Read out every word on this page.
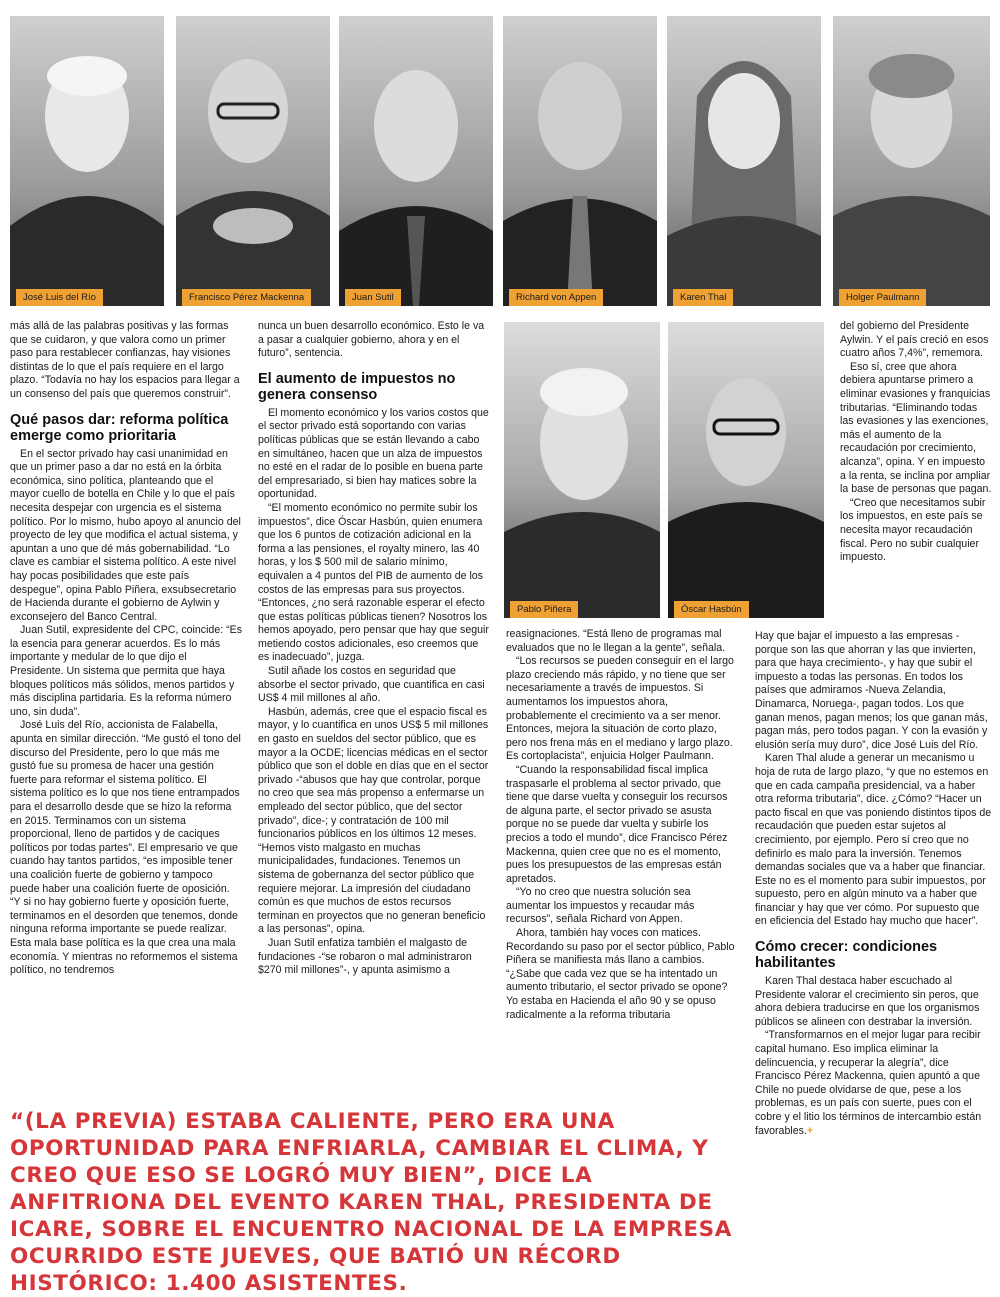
José Luis del Río	Francisco Pérez Mackenna	Juan Sutil	Richard von Appen	Karen Thal	Holger Paulmann

más allá de las palabras positivas y las formas que se cuidaron, y que valora como un primer paso para restablecer confianzas, hay visiones distintas de lo que el país requiere en el largo plazo. “Todavía no hay los espacios para llegar a un consenso del país que queremos construir”.

Qué pasos dar: reforma política emerge como prioritaria

En el sector privado hay casi unanimidad en que un primer paso a dar no está en la órbita económica, sino política, planteando que el mayor cuello de botella en Chile y lo que el país necesita despejar con urgencia es el sistema político. Por lo mismo, hubo apoyo al anuncio del proyecto de ley que modifica el actual sistema, y apuntan a uno que dé más gobernabilidad. “Lo clave es cambiar el sistema político. A este nivel hay pocas posibilidades que este país despegue”, opina Pablo Piñera, exsubsecretario de Hacienda durante el gobierno de Aylwin y exconsejero del Banco Central.

Juan Sutil, expresidente del CPC, coincide: “Es la esencia para generar acuerdos. Es lo más importante y medular de lo que dijo el Presidente. Un sistema que permita que haya bloques políticos más sólidos, menos partidos y más disciplina partidaria. Es la reforma número uno, sin duda”.

José Luis del Río, accionista de Falabella, apunta en similar dirección. “Me gustó el tono del discurso del Presidente, pero lo que más me gustó fue su promesa de hacer una gestión fuerte para reformar el sistema político. El sistema político es lo que nos tiene entrampados para el desarrollo desde que se hizo la reforma en 2015. Terminamos con un sistema proporcional, lleno de partidos y de caciques políticos por todas partes”. El empresario ve que cuando hay tantos partidos, “es imposible tener una coalición fuerte de gobierno y tampoco puede haber una coalición fuerte de oposición. “Y si no hay gobierno fuerte y oposición fuerte, terminamos en el desorden que tenemos, donde ninguna reforma importante se puede realizar. Esta mala base política es la que crea una mala economía. Y mientras no reformemos el sistema político, no tendremos

nunca un buen desarrollo económico. Esto le va a pasar a cualquier gobierno, ahora y en el futuro”, sentencia.

El aumento de impuestos no genera consenso

El momento económico y los varios costos que el sector privado está soportando con varias políticas públicas que se están llevando a cabo en simultáneo, hacen que un alza de impuestos no esté en el radar de lo posible en buena parte del empresariado, si bien hay matices sobre la oportunidad.

“El momento económico no permite subir los impuestos”, dice Óscar Hasbún, quien enumera que los 6 puntos de cotización adicional en la forma a las pensiones, el royalty minero, las 40 horas, y los $ 500 mil de salario mínimo, equivalen a 4 puntos del PIB de aumento de los costos de las empresas para sus proyectos. “Entonces, ¿no será razonable esperar el efecto que estas políticas públicas tienen? Nosotros los hemos apoyado, pero pensar que hay que seguir metiendo costos adicionales, eso creemos que es inadecuado”, juzga.

Sutil añade los costos en seguridad que absorbe el sector privado, que cuantifica en casi US$ 4 mil millones al año.

Hasbún, además, cree que el espacio fiscal es mayor, y lo cuantifica en unos US$ 5 mil millones en gasto en sueldos del sector público, que es mayor a la OCDE; licencias médicas en el sector público que son el doble en días que en el sector privado -“abusos que hay que controlar, porque no creo que sea más propenso a enfermarse un empleado del sector público, que del sector privado”, dice-; y contratación de 100 mil funcionarios públicos en los últimos 12 meses. “Hemos visto malgasto en muchas municipalidades, fundaciones. Tenemos un sistema de gobernanza del sector público que requiere mejorar. La impresión del ciudadano común es que muchos de estos recursos terminan en proyectos que no generan beneficio a las personas”, opina.

Juan Sutil enfatiza también el malgasto de fundaciones -“se robaron o mal administraron $270 mil millones”-, y apunta asimismo a

Pablo Piñera	Óscar Hasbún

reasignaciones. “Está lleno de programas mal evaluados que no le llegan a la gente”, señala.

“Los recursos se pueden conseguir en el largo plazo creciendo más rápido, y no tiene que ser necesariamente a través de impuestos. Si aumentamos los impuestos ahora, probablemente el crecimiento va a ser menor. Entonces, mejora la situación de corto plazo, pero nos frena más en el mediano y largo plazo. Es cortoplacista”, enjuicia Holger Paulmann.

“Cuando la responsabilidad fiscal implica traspasarle el problema al sector privado, que tiene que darse vuelta y conseguir los recursos de alguna parte, el sector privado se asusta porque no se puede dar vuelta y subirle los precios a todo el mundo”, dice Francisco Pérez Mackenna, quien cree que no es el momento, pues los presupuestos de las empresas están apretados.

“Yo no creo que nuestra solución sea aumentar los impuestos y recaudar más recursos”, señala Richard von Appen.

Ahora, también hay voces con matices. Recordando su paso por el sector público, Pablo Piñera se manifiesta más llano a cambios. “¿Sabe que cada vez que se ha intentado un aumento tributario, el sector privado se opone? Yo estaba en Hacienda el año 90 y se opuso radicalmente a la reforma tributaria

del gobierno del Presidente Aylwin. Y el país creció en esos cuatro años 7,4%”, rememora.

Eso sí, cree que ahora debiera apuntarse primero a eliminar evasiones y franquicias tributarias. “Eliminando todas las evasiones y las exenciones, más el aumento de la recaudación por crecimiento, alcanza”, opina. Y en impuesto a la renta, se inclina por ampliar la base de personas que pagan.

“Creo que necesitamos subir los impuestos, en este país se necesita mayor recaudación fiscal. Pero no subir cualquier impuesto.

Hay que bajar el impuesto a las empresas -porque son las que ahorran y las que invierten, para que haya crecimiento-, y hay que subir el impuesto a todas las personas. En todos los países que admiramos -Nueva Zelandia, Dinamarca, Noruega-, pagan todos. Los que ganan menos, pagan menos; los que ganan más, pagan más, pero todos pagan. Y con la evasión y elusión sería muy duro”, dice José Luis del Río.

Karen Thal alude a generar un mecanismo u hoja de ruta de largo plazo, “y que no estemos en que en cada campaña presidencial, va a haber otra reforma tributaria”, dice. ¿Cómo? “Hacer un pacto fiscal en que vas poniendo distintos tipos de recaudación que pueden estar sujetos al crecimiento, por ejemplo. Pero sí creo que no definirlo es malo para la inversión. Tenemos demandas sociales que va a haber que financiar. Este no es el momento para subir impuestos, por supuesto, pero en algún minuto va a haber que financiar y hay que ver cómo. Por supuesto que en eficiencia del Estado hay mucho que hacer”.

Cómo crecer: condiciones habilitantes

Karen Thal destaca haber escuchado al Presidente valorar el crecimiento sin peros, que ahora debiera traducirse en que los organismos públicos se alineen con destrabar la inversión.

“Transformarnos en el mejor lugar para recibir capital humano. Eso implica eliminar la delincuencia, y recuperar la alegría”, dice Francisco Pérez Mackenna, quien apuntó a que Chile no puede olvidarse de que, pese a los problemas, es un país con suerte, pues con el cobre y el litio los términos de intercambio están favorables.+

“(LA PREVIA) ESTABA CALIENTE, PERO ERA UNA OPORTUNIDAD PARA ENFRIARLA, CAMBIAR EL CLIMA, Y CREO QUE ESO SE LOGRÓ MUY BIEN”, DICE LA ANFITRIONA DEL EVENTO KAREN THAL, PRESIDENTA DE ICARE, SOBRE EL ENCUENTRO NACIONAL DE LA EMPRESA OCURRIDO ESTE JUEVES, QUE BATIÓ UN RÉCORD HISTÓRICO: 1.400 ASISTENTES.
